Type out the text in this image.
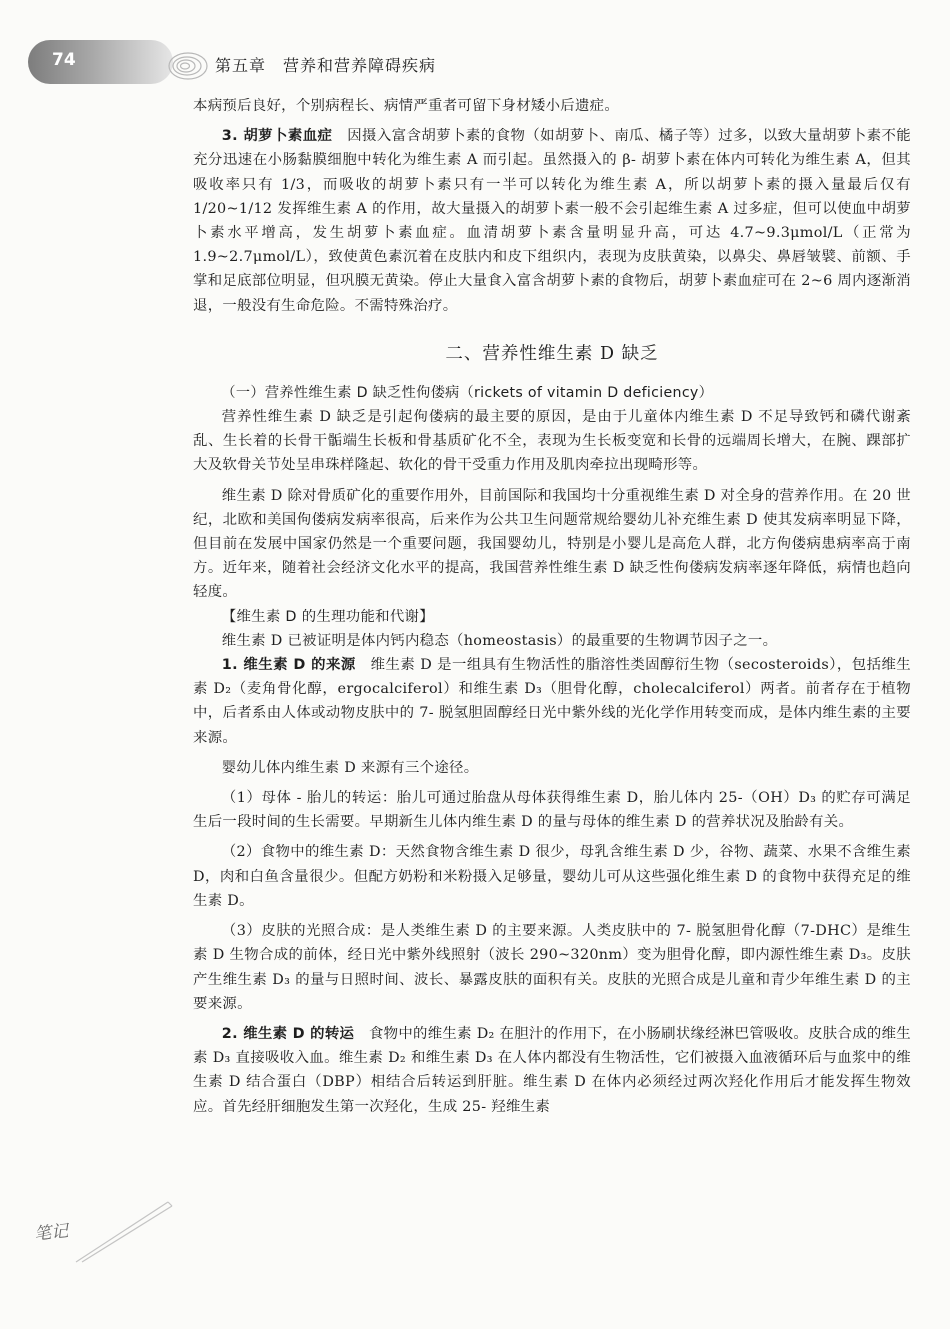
74	第五章　营养和营养障碍疾病

本病预后良好，个别病程长、病情严重者可留下身材矮小后遗症。

3. 胡萝卜素血症　 因摄入富含胡萝卜素的食物（如胡萝卜、南瓜、橘子等）过多，以致大量胡萝卜素不能充分迅速在小肠黏膜细胞中转化为维生素 A 而引起。虽然摄入的 β- 胡萝卜素在体内可转化为维生素 A，但其吸收率只有 1/3，而吸收的胡萝卜素只有一半可以转化为维生素 A，所以胡萝卜素的摄入量最后仅有 1/20~1/12 发挥维生素 A 的作用，故大量摄入的胡萝卜素一般不会引起维生素 A 过多症，但可以使血中胡萝卜素水平增高，发生胡萝卜素血症。血清胡萝卜素含量明显升高，可达 4.7~9.3μmol/L（正常为 1.9~2.7μmol/L），致使黄色素沉着在皮肤内和皮下组织内，表现为皮肤黄染，以鼻尖、鼻唇皱襞、前额、手掌和足底部位明显，但巩膜无黄染。停止大量食入富含胡萝卜素的食物后，胡萝卜素血症可在 2~6 周内逐渐消退，一般没有生命危险。不需特殊治疗。

二、营养性维生素 D 缺乏

（一）营养性维生素 D 缺乏性佝偻病（rickets of vitamin D deficiency）

营养性维生素 D 缺乏是引起佝偻病的最主要的原因，是由于儿童体内维生素 D 不足导致钙和磷代谢紊乱、生长着的长骨干骺端生长板和骨基质矿化不全，表现为生长板变宽和长骨的远端周长增大，在腕、踝部扩大及软骨关节处呈串珠样隆起、软化的骨干受重力作用及肌肉牵拉出现畸形等。

维生素 D 除对骨质矿化的重要作用外，目前国际和我国均十分重视维生素 D 对全身的营养作用。在 20 世纪，北欧和美国佝偻病发病率很高，后来作为公共卫生问题常规给婴幼儿补充维生素 D 使其发病率明显下降，但目前在发展中国家仍然是一个重要问题，我国婴幼儿，特别是小婴儿是高危人群，北方佝偻病患病率高于南方。近年来，随着社会经济文化水平的提高，我国营养性维生素 D 缺乏性佝偻病发病率逐年降低，病情也趋向轻度。

【维生素 D 的生理功能和代谢】

维生素 D 已被证明是体内钙内稳态（homeostasis）的最重要的生物调节因子之一。

1. 维生素 D 的来源　 维生素 D 是一组具有生物活性的脂溶性类固醇衍生物（secosteroids），包括维生素 D₂（麦角骨化醇，ergocalciferol）和维生素 D₃（胆骨化醇，cholecalciferol）两者。前者存在于植物中，后者系由人体或动物皮肤中的 7- 脱氢胆固醇经日光中紫外线的光化学作用转变而成，是体内维生素的主要来源。

婴幼儿体内维生素 D 来源有三个途径。

（1）母体 - 胎儿的转运：胎儿可通过胎盘从母体获得维生素 D，胎儿体内 25-（OH）D₃ 的贮存可满足生后一段时间的生长需要。早期新生儿体内维生素 D 的量与母体的维生素 D 的营养状况及胎龄有关。

（2）食物中的维生素 D：天然食物含维生素 D 很少，母乳含维生素 D 少，谷物、蔬菜、水果不含维生素 D，肉和白鱼含量很少。但配方奶粉和米粉摄入足够量，婴幼儿可从这些强化维生素 D 的食物中获得充足的维生素 D。

（3）皮肤的光照合成：是人类维生素 D 的主要来源。人类皮肤中的 7- 脱氢胆骨化醇（7-DHC）是维生素 D 生物合成的前体，经日光中紫外线照射（波长 290~320nm）变为胆骨化醇，即内源性维生素 D₃。皮肤产生维生素 D₃ 的量与日照时间、波长、暴露皮肤的面积有关。皮肤的光照合成是儿童和青少年维生素 D 的主要来源。

2. 维生素 D 的转运　 食物中的维生素 D₂ 在胆汁的作用下，在小肠刷状缘经淋巴管吸收。皮肤合成的维生素 D₃ 直接吸收入血。维生素 D₂ 和维生素 D₃ 在人体内都没有生物活性，它们被摄入血液循环后与血浆中的维生素 D 结合蛋白（DBP）相结合后转运到肝脏。维生素 D 在体内必须经过两次羟化作用后才能发挥生物效应。首先经肝细胞发生第一次羟化，生成 25- 羟维生素

笔记
